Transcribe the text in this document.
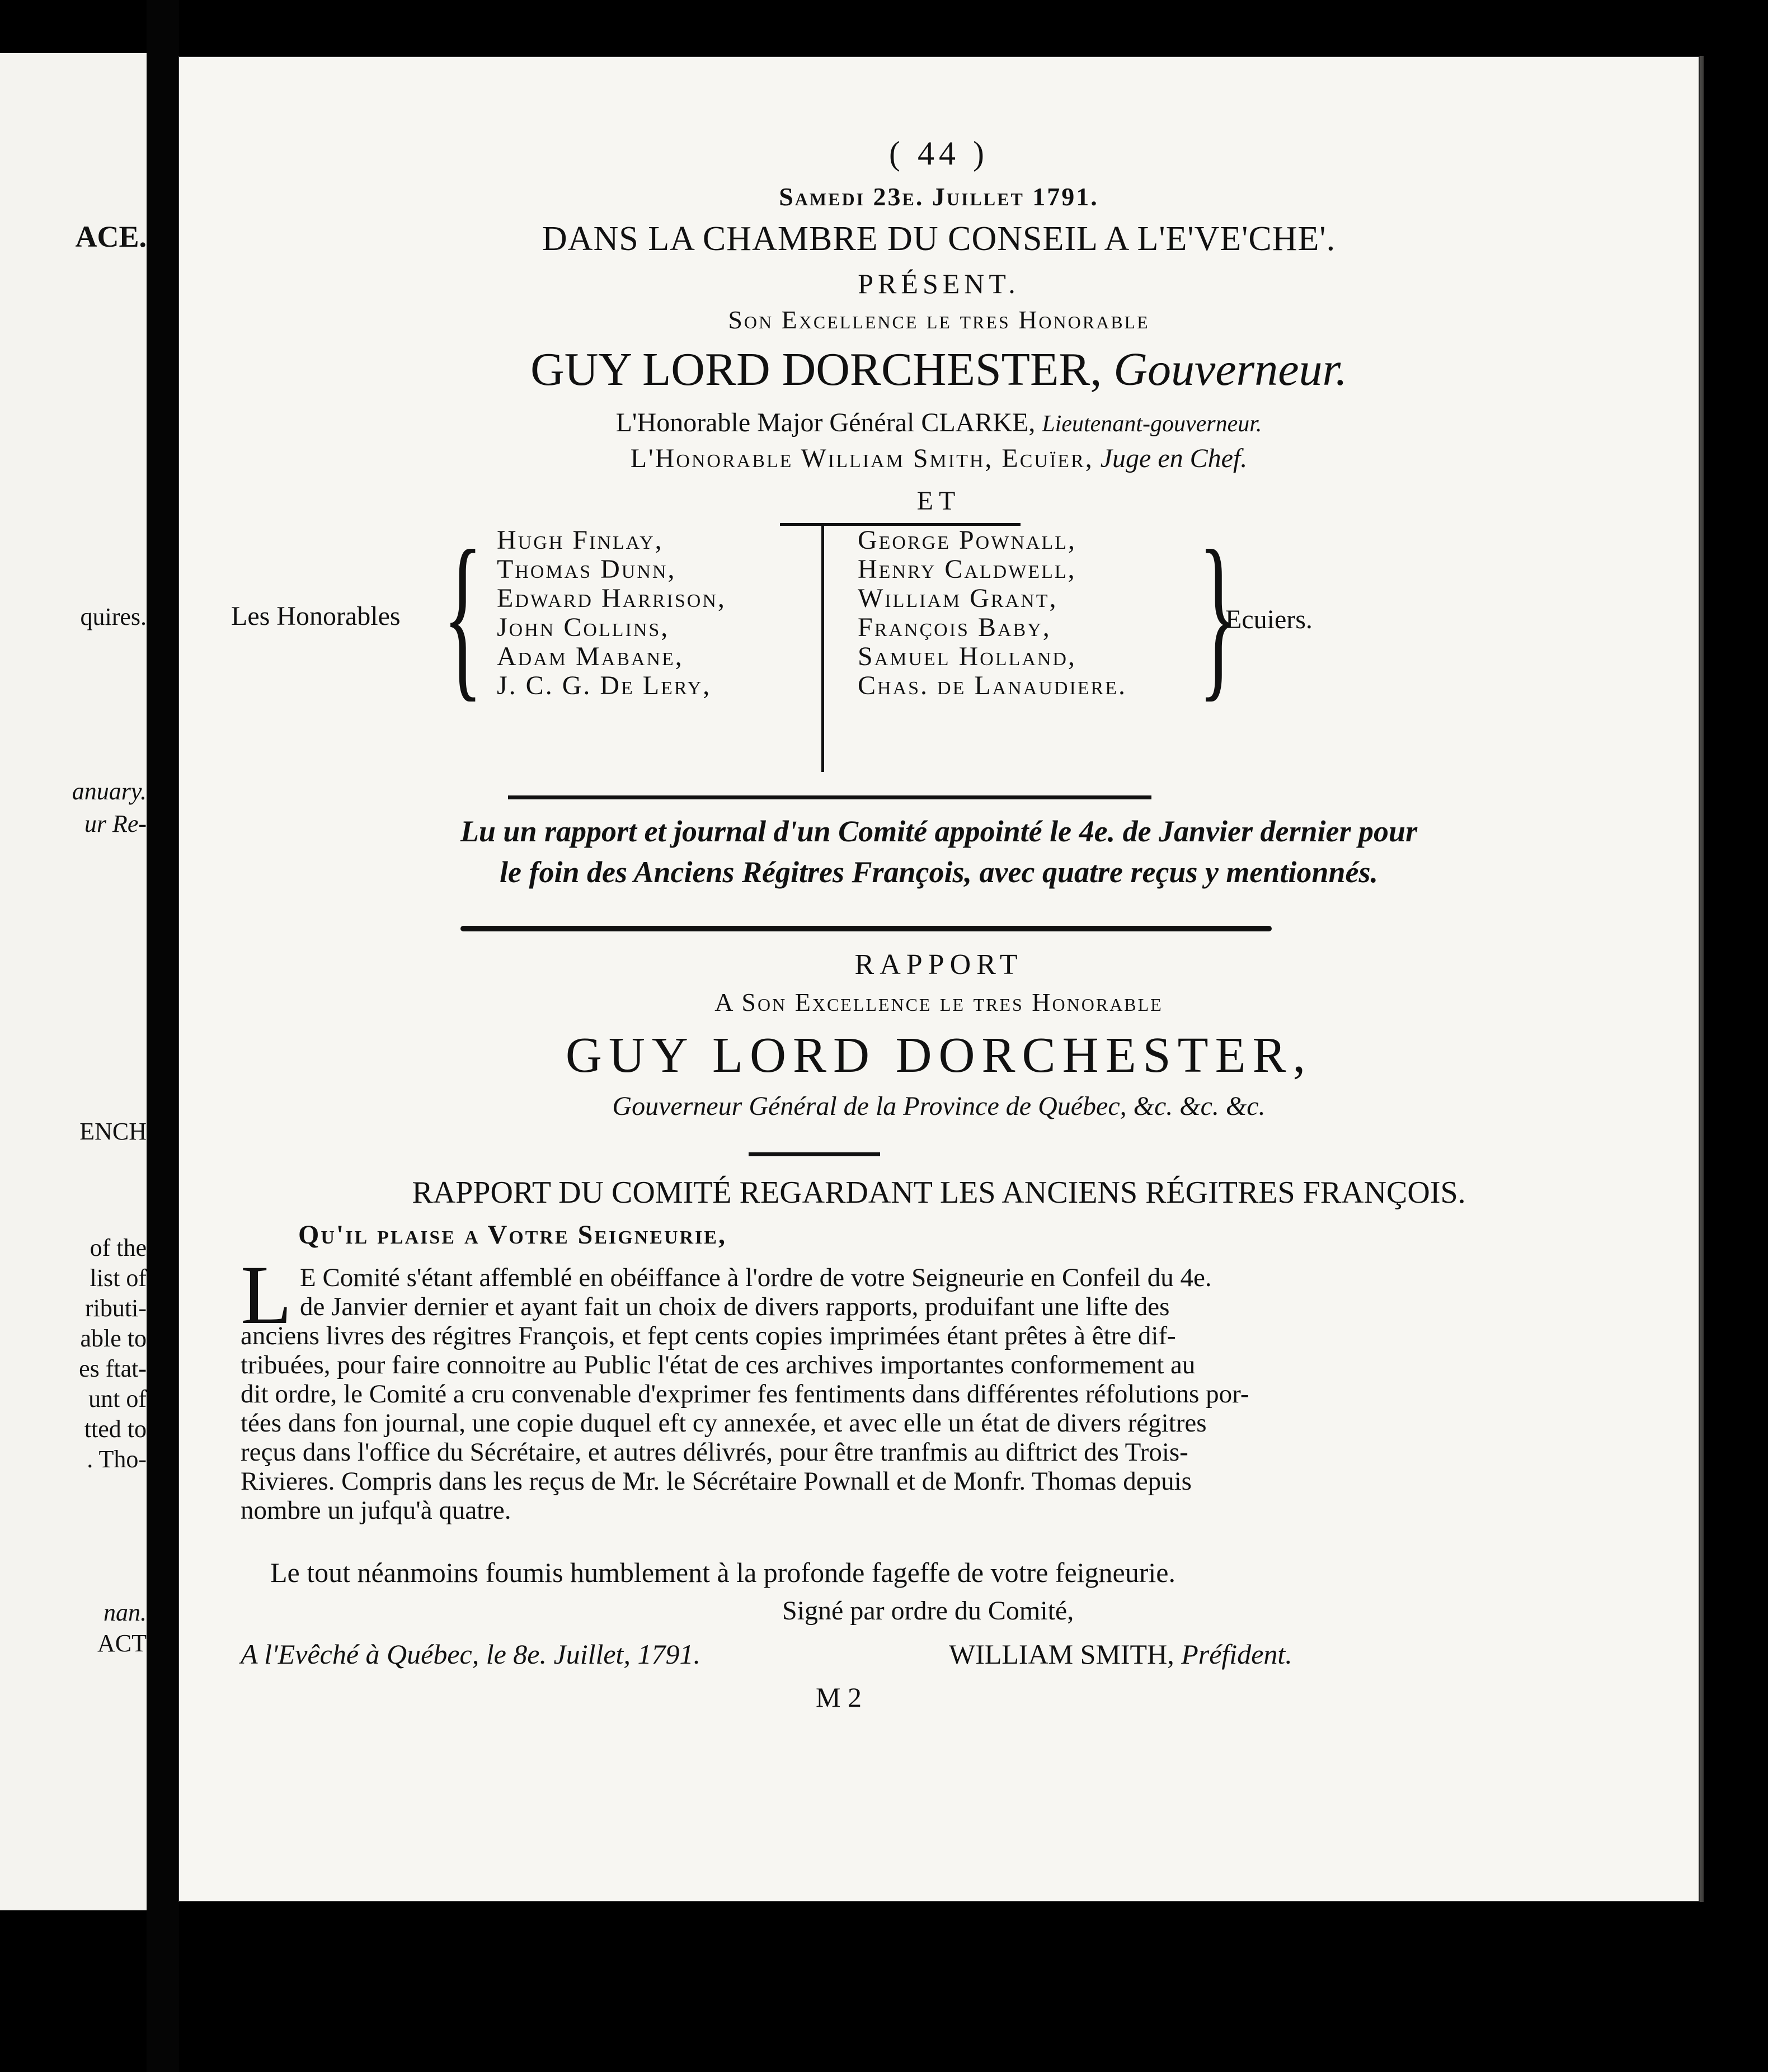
ACE.
quires.
anuary.
ur Re-
ENCH
of the
list of
ributi-
able to
es ftat-
unt of
tted to
. Tho-
nan.
ACT
( 44 )
Samedi 23e. Juillet 1791.
DANS LA CHAMBRE DU CONSEIL A L'E'VE'CHE'.
PRÉSENT.
Son Excellence le tres Honorable
GUY LORD DORCHESTER, Gouverneur.
L'Honorable Major Général CLARKE, Lieutenant-gouverneur.
L'Honorable William Smith, Ecuïer, Juge en Chef.
ET
Les Honorables { Hugh Finlay,
Thomas Dunn,
Edward Harrison,
John Collins,
Adam Mabane,
J. C. G. De Lery,
George Pownall,
Henry Caldwell,
William Grant,
François Baby,
Samuel Holland,
Chas. de Lanaudiere. }
Ecuiers.
Lu un rapport et journal d'un Comité appointé le 4e. de Janvier dernier pour
le foin des Anciens Régitres François, avec quatre reçus y mentionnés.
RAPPORT
A Son Excellence le tres Honorable
GUY LORD DORCHESTER,
Gouverneur Général de la Province de Québec, &c. &c. &c.
RAPPORT DU COMITÉ REGARDANT LES ANCIENS RÉGITRES FRANÇOIS.
Qu'il plaise a Votre Seigneurie,
L E Comité s'étant affemblé en obéiffance à l'ordre de votre Seigneurie en Confeil du 4e.
de Janvier dernier et ayant fait un choix de divers rapports, produifant une lifte des
anciens livres des régitres François, et fept cents copies imprimées étant prêtes à être dif-
tribuées, pour faire connoitre au Public l'état de ces archives importantes conformement au
dit ordre, le Comité a cru convenable d'exprimer fes fentiments dans différentes réfolutions por-
tées dans fon journal, une copie duquel eft cy annexée, et avec elle un état de divers régitres
reçus dans l'office du Sécrétaire, et autres délivrés, pour être tranfmis au diftrict des Trois-
Rivieres. Compris dans les reçus de Mr. le Sécrétaire Pownall et de Monfr. Thomas depuis
nombre un jufqu'à quatre.
Le tout néanmoins foumis humblement à la profonde fageffe de votre feigneurie.
Signé par ordre du Comité,
A l'Evêché à Québec, le 8e. Juillet, 1791.	WILLIAM SMITH, Préfident.
M 2
